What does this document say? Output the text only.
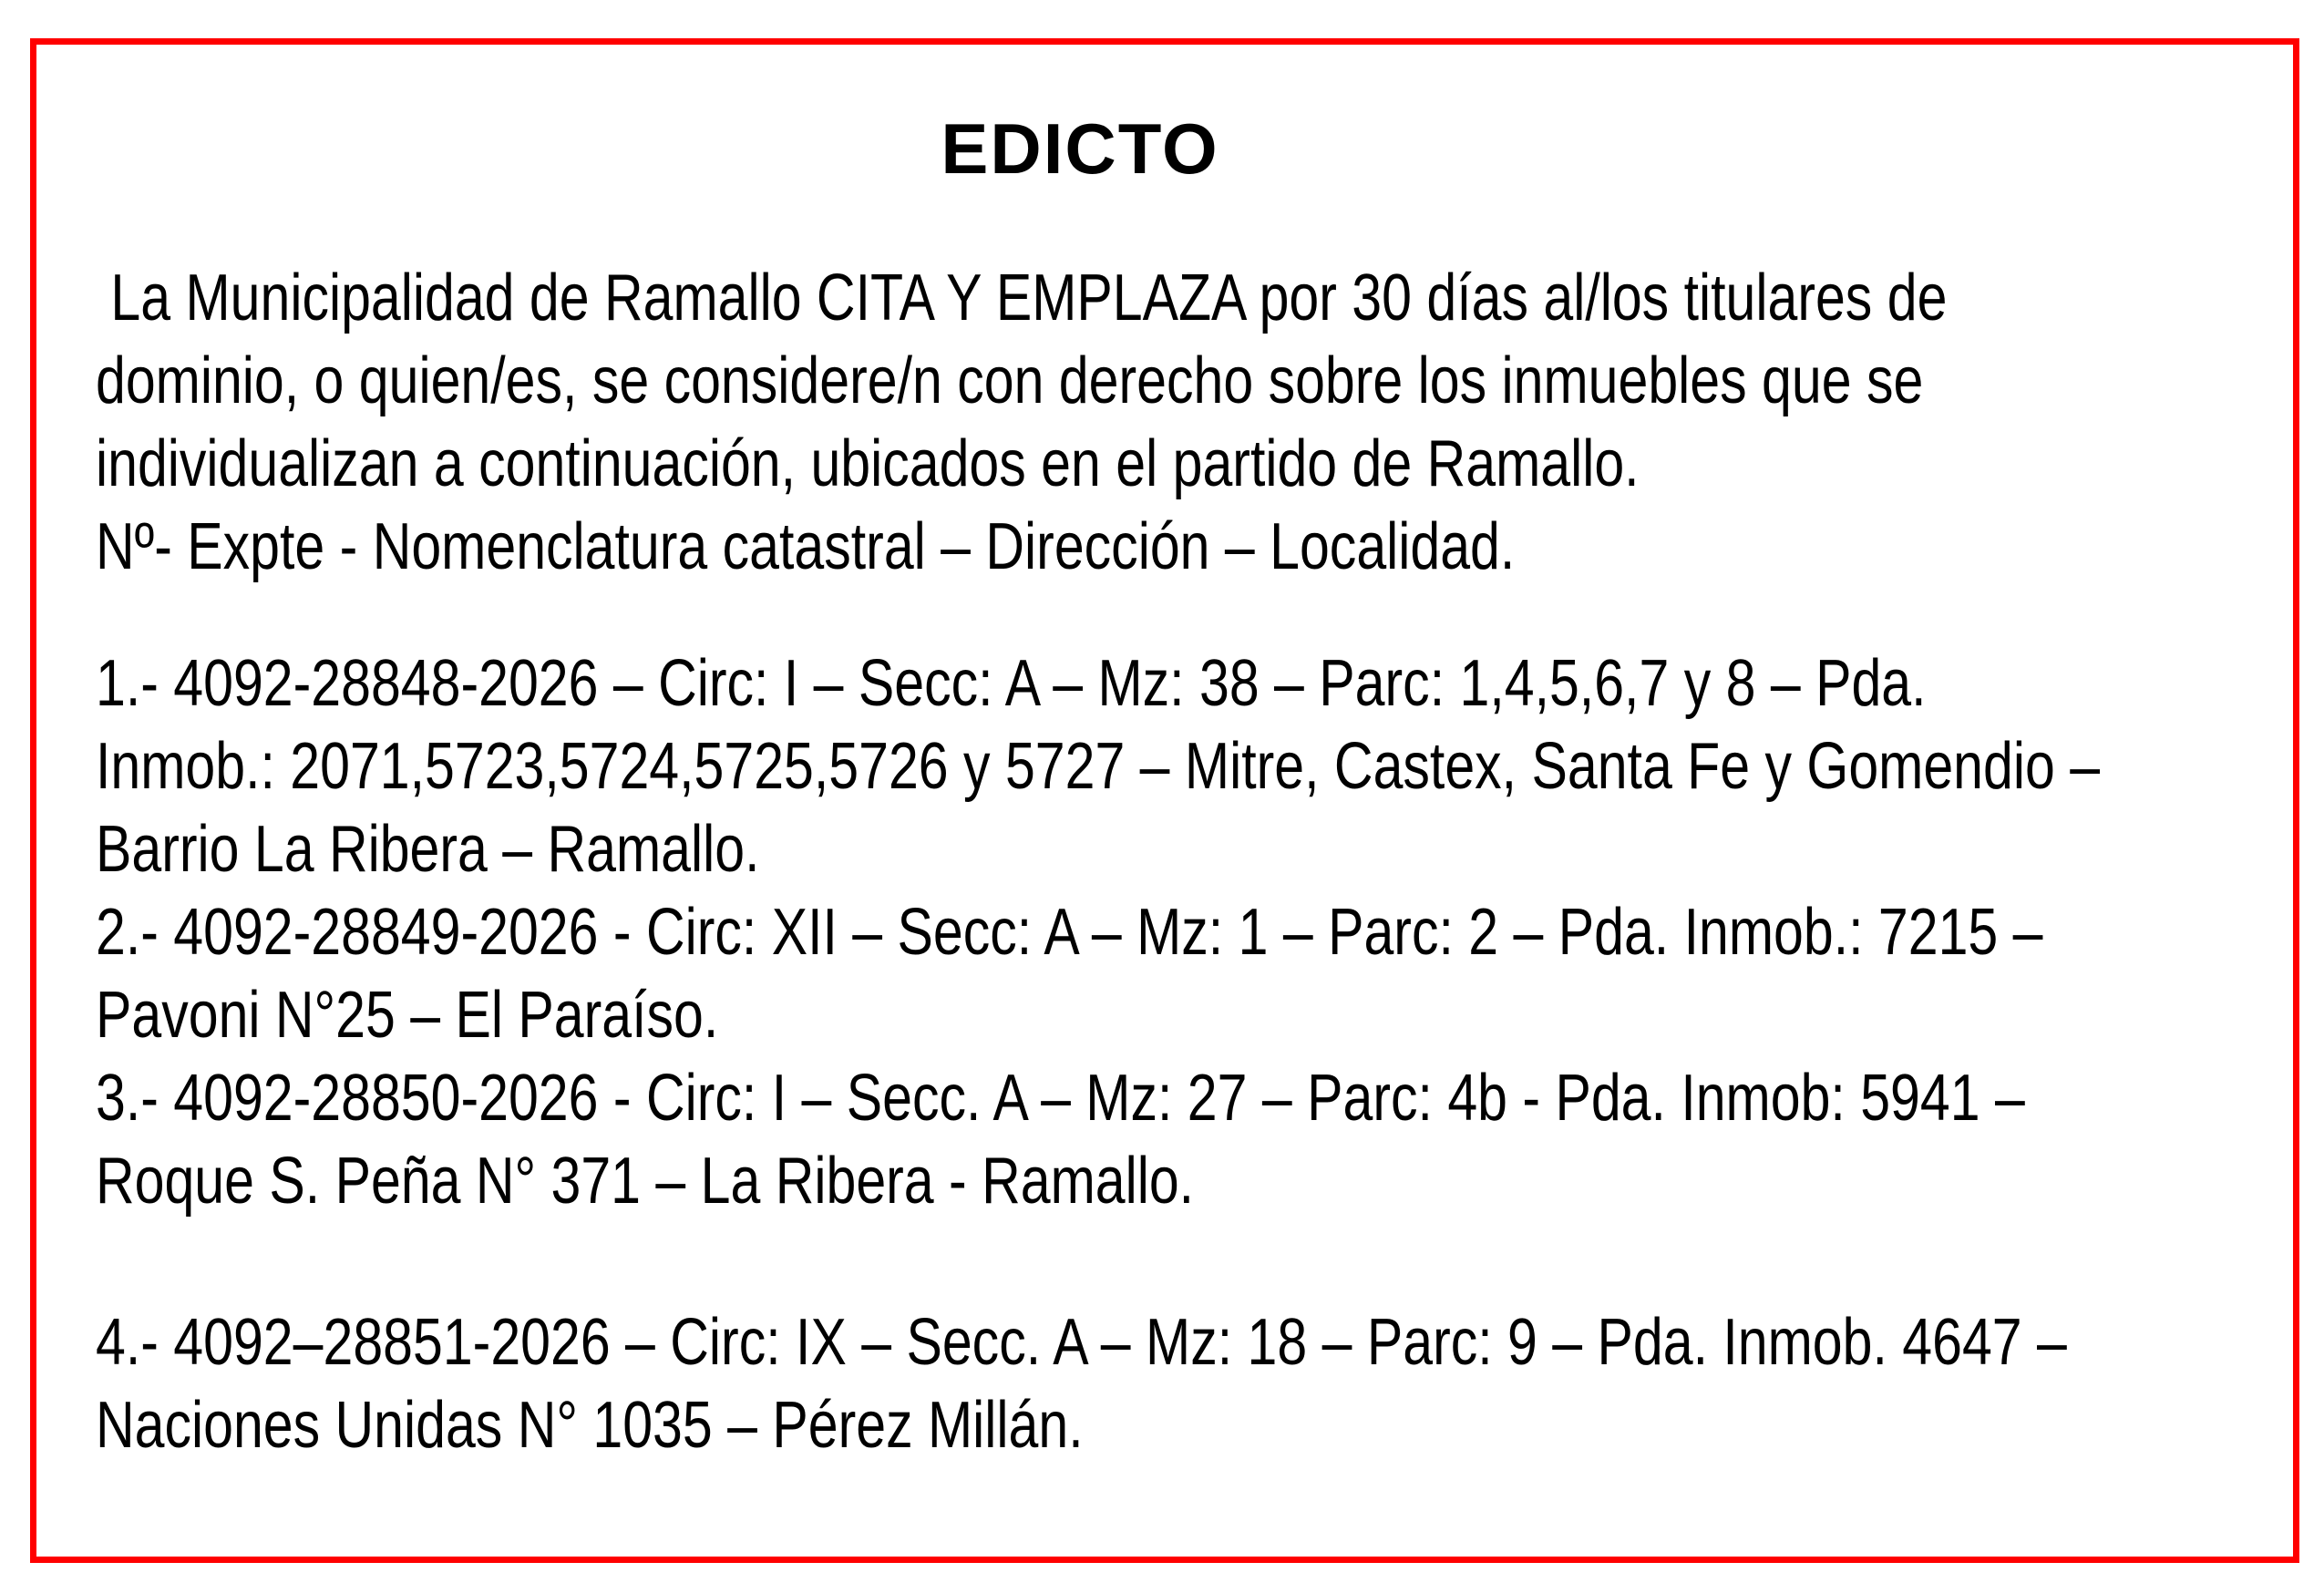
EDICTO
La Municipalidad de Ramallo CITA Y EMPLAZA por 30 días al/los titulares de
dominio, o quien/es, se considere/n con derecho sobre los inmuebles que se
individualizan a continuación, ubicados en el partido de Ramallo.
Nº- Expte - Nomenclatura catastral – Dirección – Localidad.
1.- 4092-28848-2026 – Circ: I – Secc: A – Mz: 38 – Parc: 1,4,5,6,7 y 8 – Pda.
Inmob.: 2071,5723,5724,5725,5726 y 5727 – Mitre, Castex, Santa Fe y Gomendio –
Barrio La Ribera – Ramallo.
2.- 4092-28849-2026 - Circ: XII – Secc: A – Mz: 1 – Parc: 2 – Pda. Inmob.: 7215 –
Pavoni N°25 – El Paraíso.
3.- 4092-28850-2026 - Circ: I – Secc. A – Mz: 27 – Parc: 4b - Pda. Inmob: 5941 –
Roque S. Peña N° 371 – La Ribera - Ramallo.
4.- 4092–28851-2026 – Circ: IX – Secc. A – Mz: 18 – Parc: 9 – Pda. Inmob. 4647 –
Naciones Unidas N° 1035 – Pérez Millán.
